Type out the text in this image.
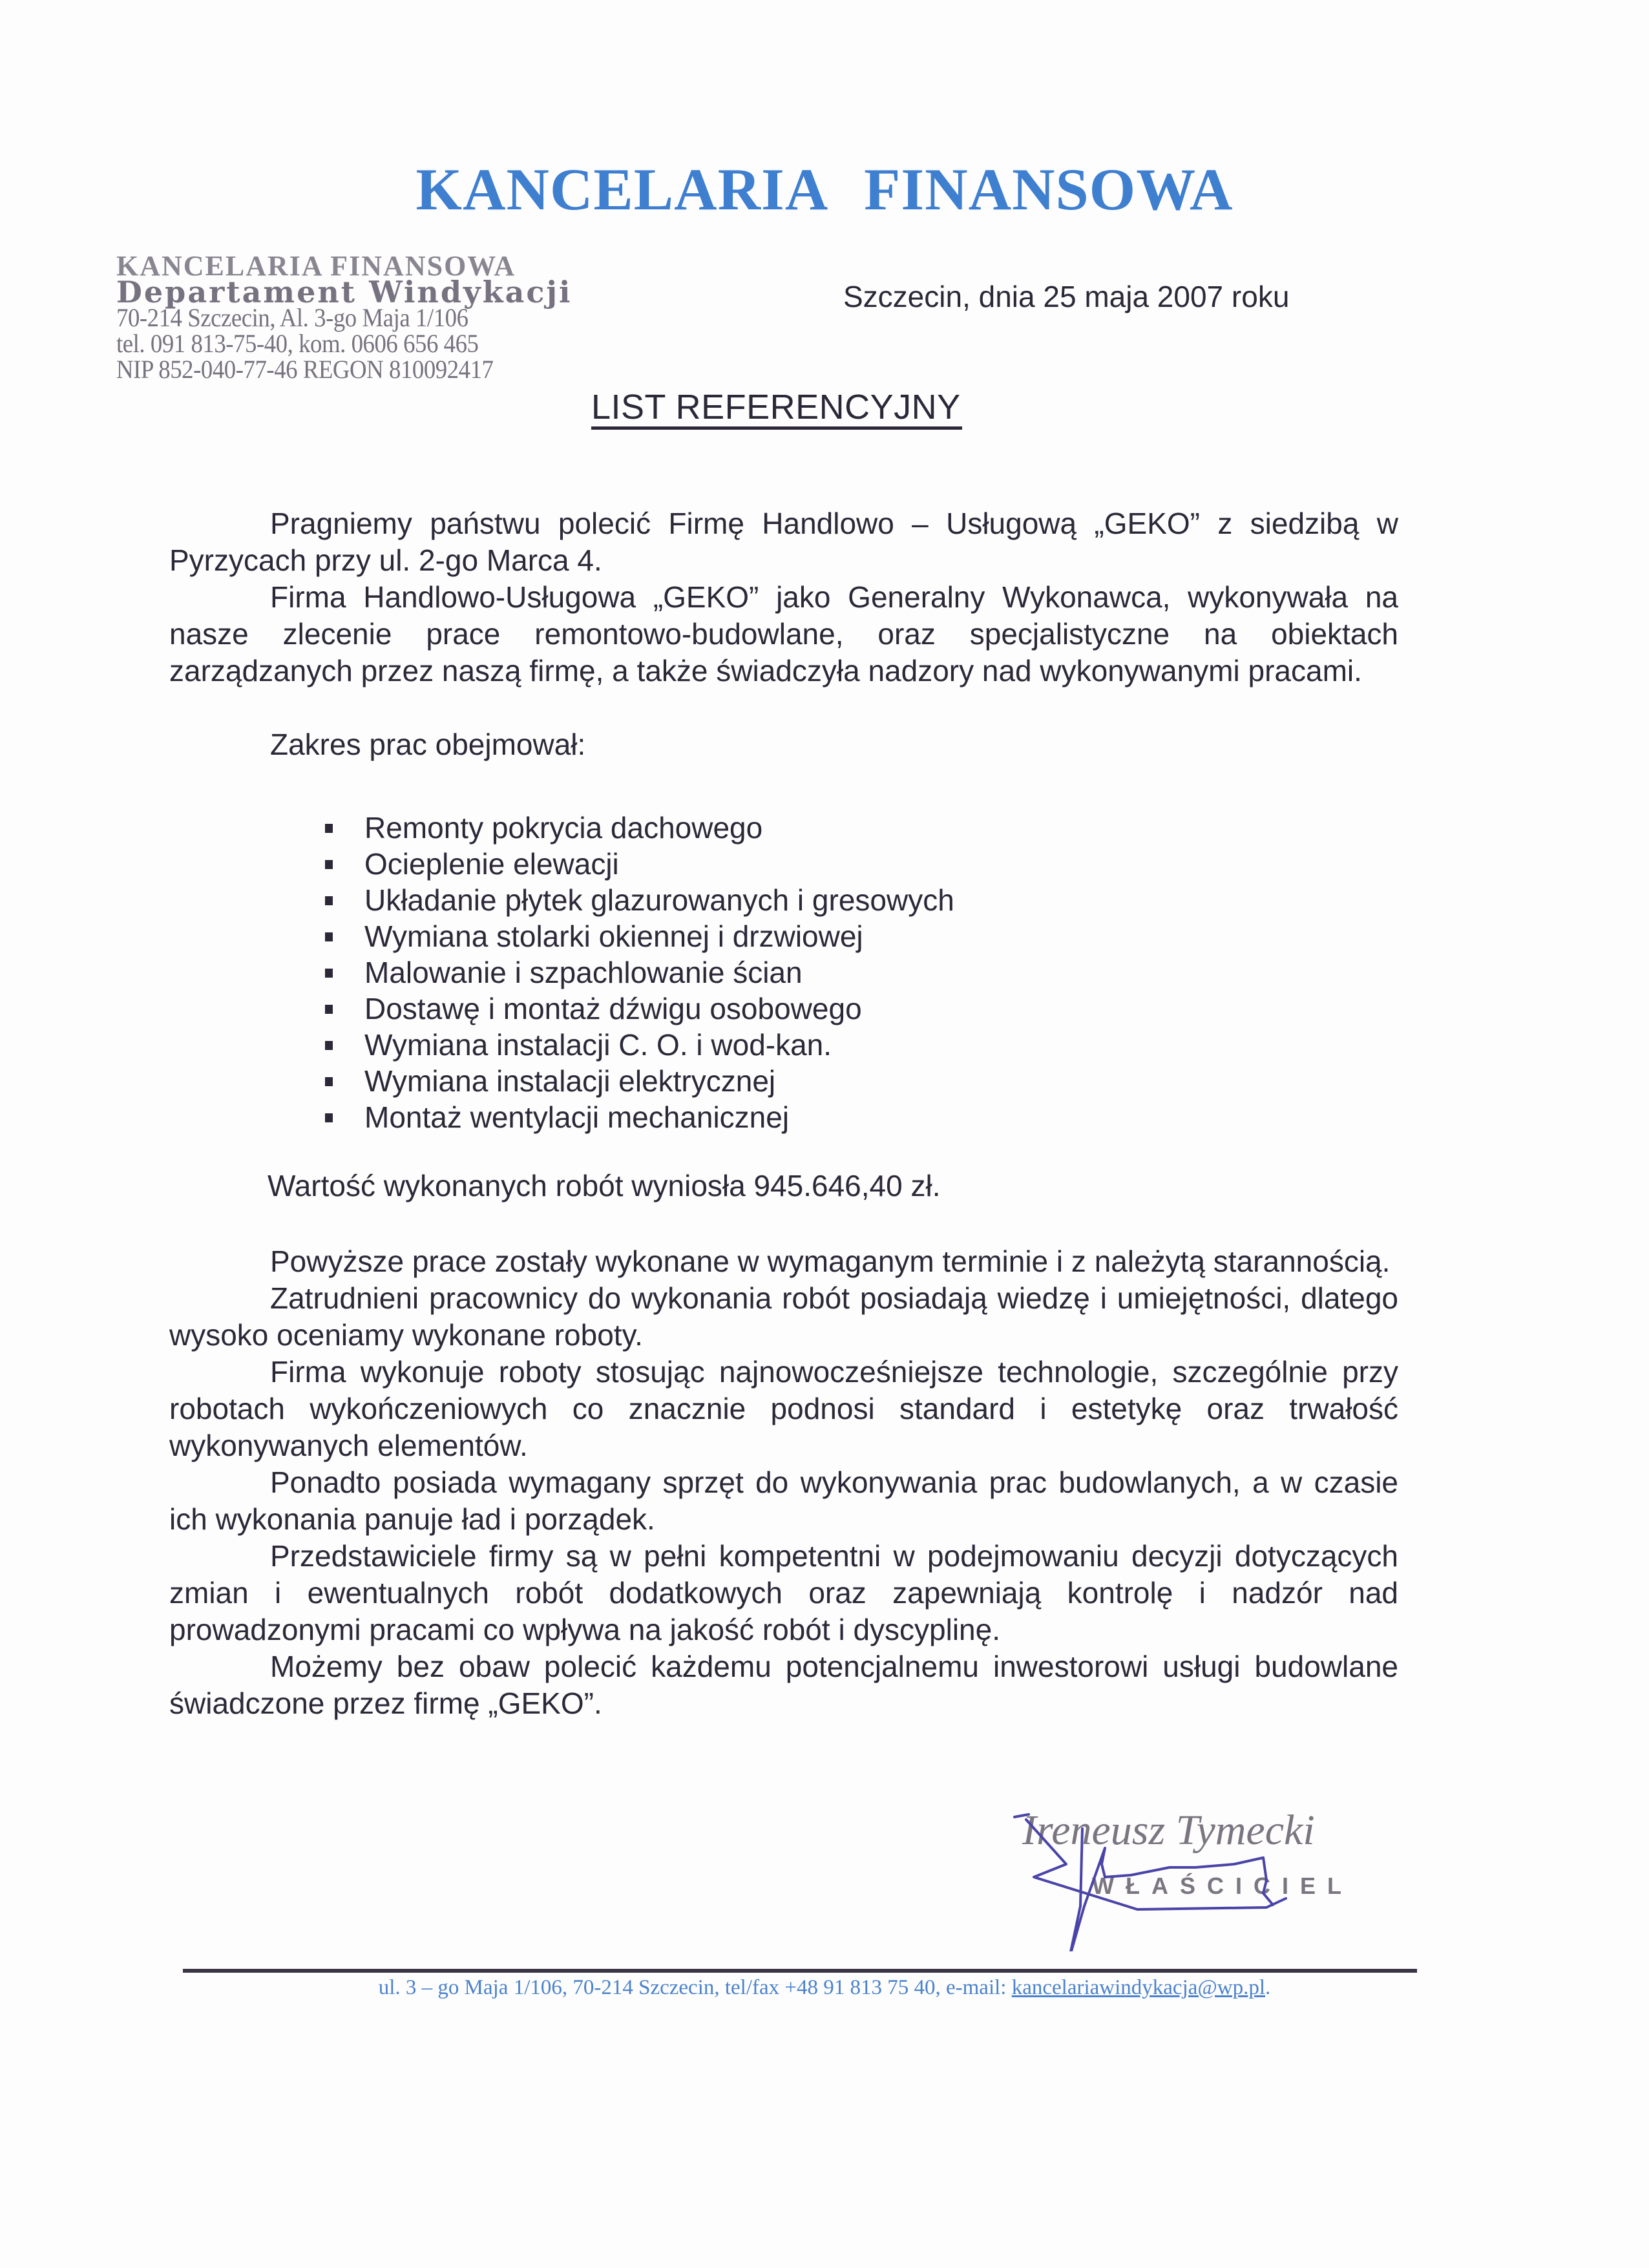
KANCELARIA FINANSOWA
KANCELARIA FINANSOWA
Departament Windykacji
70-214 Szczecin, Al. 3-go Maja 1/106
tel. 091 813-75-40, kom. 0606 656 465
NIP 852-040-77-46 REGON 810092417
Szczecin, dnia 25 maja 2007 roku
LIST REFERENCYJNY

Pragniemy państwu polecić Firmę Handlowo – Usługową „GEKO” z siedzibą w Pyrzycach przy ul. 2-go Marca 4.

Firma Handlowo-Usługowa „GEKO” jako Generalny Wykonawca, wykonywała na nasze zlecenie prace remontowo-budowlane, oraz specjalistyczne na obiektach zarządzanych przez naszą firmę, a także świadczyła nadzory nad wykonywanymi pracami.

Zakres prac obejmował:

Remonty pokrycia dachowego
Ocieplenie elewacji
Układanie płytek glazurowanych i gresowych
Wymiana stolarki okiennej i drzwiowej
Malowanie i szpachlowanie ścian
Dostawę i montaż dźwigu osobowego
Wymiana instalacji C. O. i wod-kan.
Wymiana instalacji elektrycznej
Montaż wentylacji mechanicznej

Wartość wykonanych robót wyniosła 945.646,40 zł.

Powyższe prace zostały wykonane w wymaganym terminie i z należytą starannością.

Zatrudnieni pracownicy do wykonania robót posiadają wiedzę i umiejętności, dlatego wysoko oceniamy wykonane roboty.

Firma wykonuje roboty stosując najnowocześniejsze technologie, szczególnie przy robotach wykończeniowych co znacznie podnosi standard i estetykę oraz trwałość wykonywanych elementów.

Ponadto posiada wymagany sprzęt do wykonywania prac budowlanych, a w czasie ich wykonania panuje ład i porządek.

Przedstawiciele firmy są w pełni kompetentni w podejmowaniu decyzji dotyczących zmian i ewentualnych robót dodatkowych oraz zapewniają kontrolę i nadzór nad prowadzonymi pracami co wpływa na jakość robót i dyscyplinę.

Możemy bez obaw polecić każdemu potencjalnemu inwestorowi usługi budowlane świadczone przez firmę „GEKO”.

Ireneusz Tymecki
WŁAŚCICIEL
ul. 3 – go Maja 1/106, 70-214 Szczecin, tel/fax +48 91 813 75 40, e-mail: kancelariawindykacja@wp.pl.
